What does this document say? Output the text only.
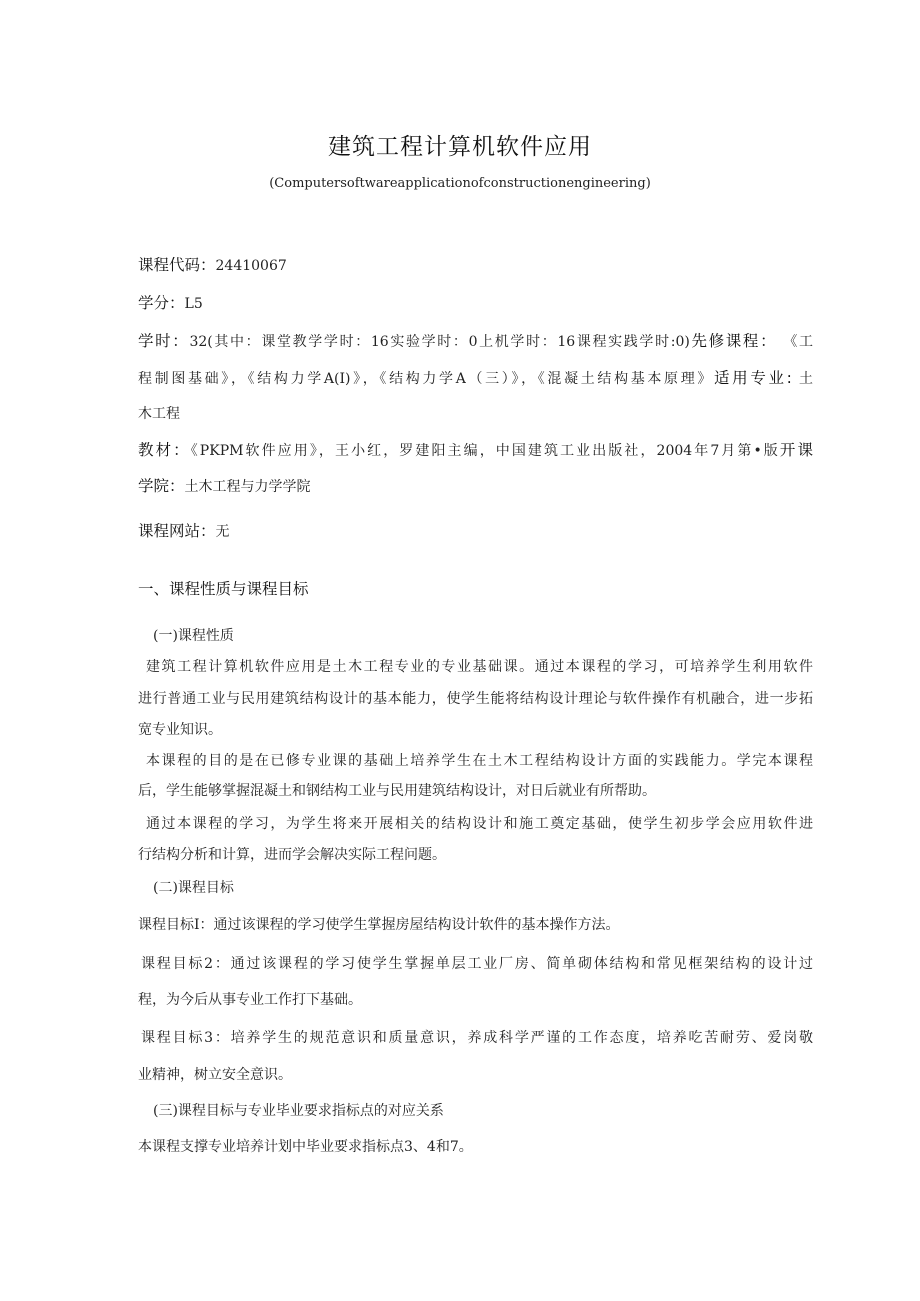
建筑工程计算机软件应用
(Computersoftwareapplicationofconstructionengineering)
课程代码：24410067
学分：L5
学时：32(其中：课堂教学学时：16实验学时：0上机学时：16课程实践学时:0)先修课程： 《工
程制图基础》，《结构力学A(I)》，《结构力学A（三）》，《混凝土结构基本原理》适用专业: 土
木工程
教材：《PKPM软件应用》，王小红，罗建阳主编，中国建筑工业出版社，2004年7月第•版开课
学院：土木工程与力学学院
课程网站：无
一、课程性质与课程目标
(一)课程性质
建筑工程计算机软件应用是土木工程专业的专业基础课。通过本课程的学习，可培养学生利用软件
进行普通工业与民用建筑结构设计的基本能力，使学生能将结构设计理论与软件操作有机融合，进一步拓
宽专业知识。
本课程的目的是在已修专业课的基础上培养学生在土木工程结构设计方面的实践能力。学完本课程
后，学生能够掌握混凝土和钢结构工业与民用建筑结构设计，对日后就业有所帮助。
通过本课程的学习，为学生将来开展相关的结构设计和施工奠定基础，使学生初步学会应用软件进
行结构分析和计算，进而学会解决实际工程问题。
(二)课程目标
课程目标I：通过该课程的学习使学生掌握房屋结构设计软件的基本操作方法。
课程目标2：通过该课程的学习使学生掌握单层工业厂房、简单砌体结构和常见框架结构的设计过
程，为今后从事专业工作打下基础。
课程目标3：培养学生的规范意识和质量意识，养成科学严谨的工作态度，培养吃苦耐劳、爱岗敬
业精神，树立安全意识。
(三)课程目标与专业毕业要求指标点的对应关系
本课程支撑专业培养计划中毕业要求指标点3、4和7。
